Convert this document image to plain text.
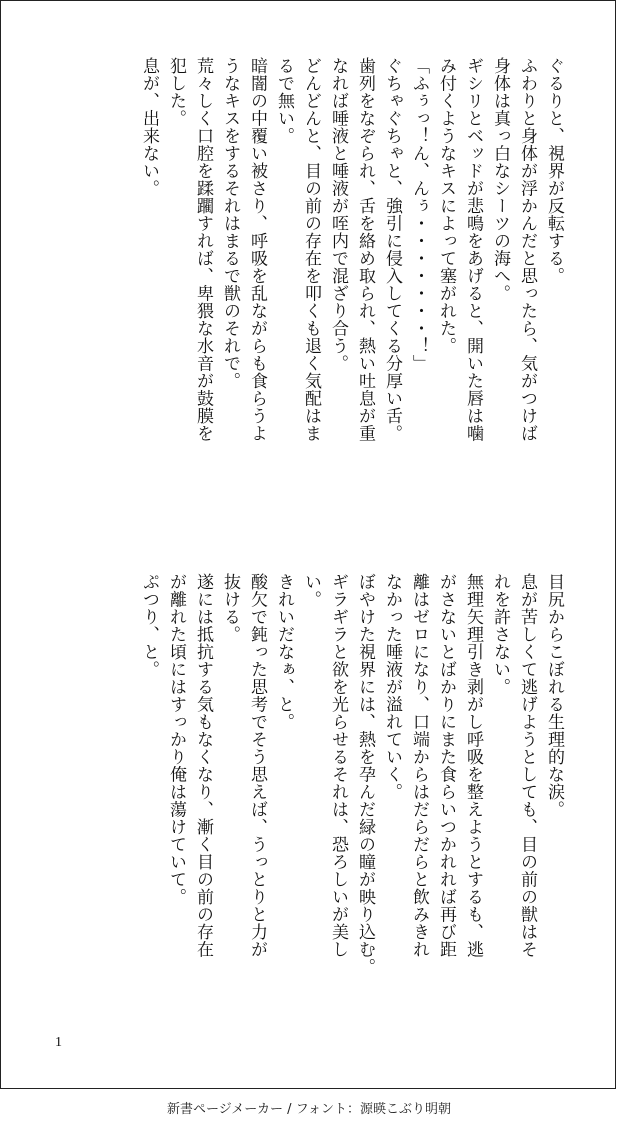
ぐるりと、視界が反転する。
ふわりと身体が浮かんだと思ったら、気がつけば
身体は真っ白なシーツの海へ。
ギシリとベッドが悲鳴をあげると、開いた唇は噛
み付くようなキスによって塞がれた。
「ふぅっ！ん、んぅ・・・・・・・！」
ぐちゃぐちゃと、強引に侵入してくる分厚い舌。
歯列をなぞられ、舌を絡め取られ、熱い吐息が重
なれば唾液と唾液が咥内で混ざり合う。
どんどんと、目の前の存在を叩くも退く気配はま
るで無い。
暗闇の中覆い被さり、呼吸を乱ながらも食らうよ
うなキスをするそれはまるで獣のそれで。
荒々しく口腔を蹂躙すれば、卑猥な水音が鼓膜を
犯した。
息が、出来ない。
目尻からこぼれる生理的な涙。
息が苦しくて逃げようとしても、目の前の獣はそ
れを許さない。
無理矢理引き剥がし呼吸を整えようとするも、逃
がさないとばかりにまた食らいつかれれば再び距
離はゼロになり、口端からはだらだらと飲みきれ
なかった唾液が溢れていく。
ぼやけた視界には、熱を孕んだ緑の瞳が映り込む。
ギラギラと欲を光らせるそれは、恐ろしいが美し
い。
きれいだなぁ、と。
酸欠で鈍った思考でそう思えば、うっとりと力が
抜ける。
遂には抵抗する気もなくなり、漸く目の前の存在
が離れた頃にはすっかり俺は蕩けていて。
ぷつり、と。
1
新書ページメーカー / フォント：源暎こぶり明朝
